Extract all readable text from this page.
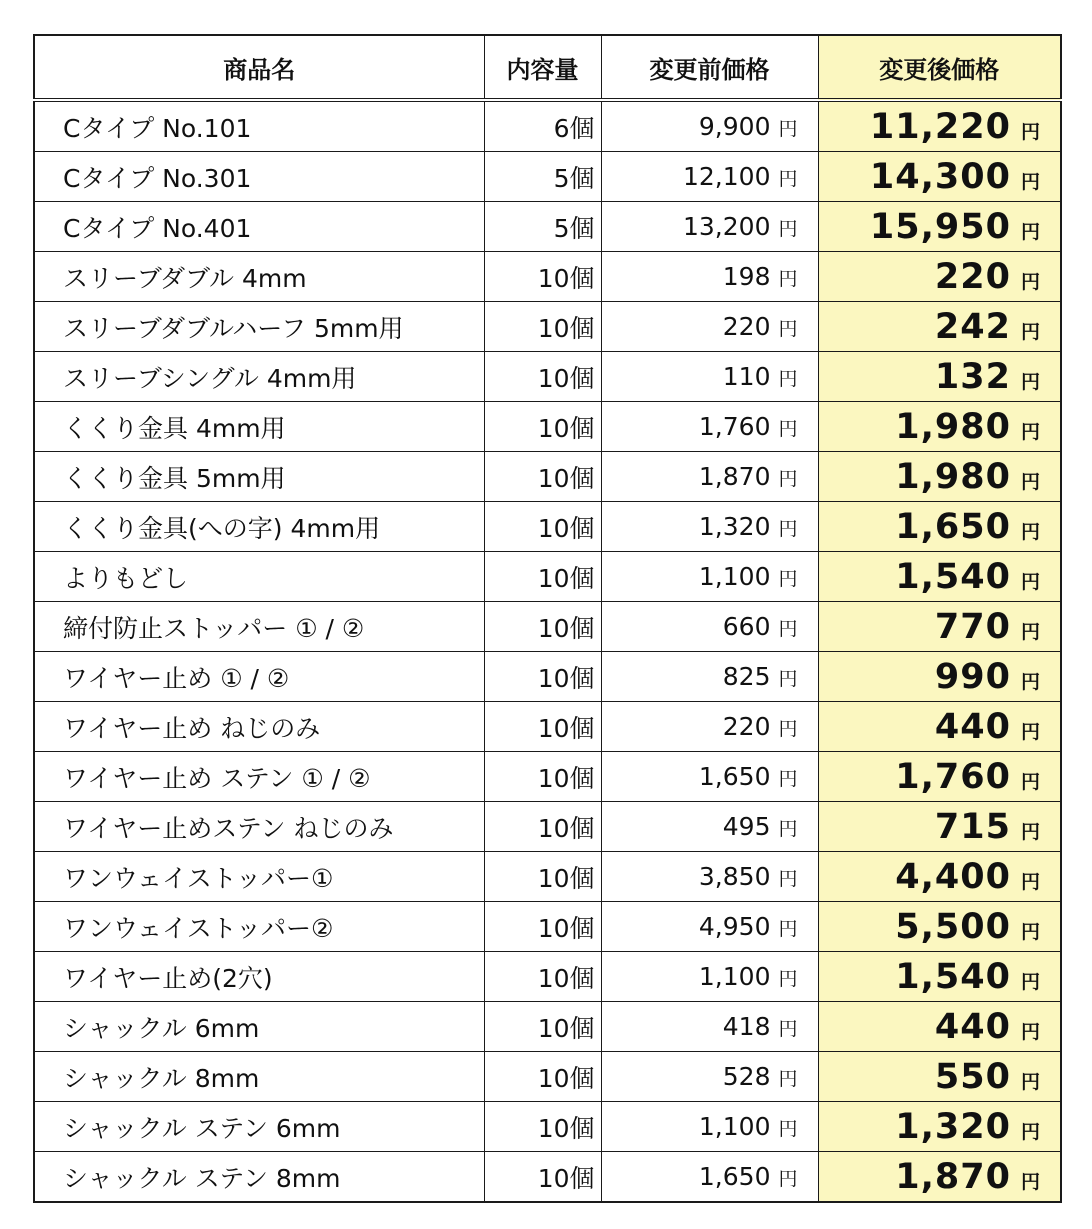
商品名	内容量	変更前価格	変更後価格
Cタイプ No.101	6個	9,900 円	11,220 円
Cタイプ No.301	5個	12,100 円	14,300 円
Cタイプ No.401	5個	13,200 円	15,950 円
スリーブダブル 4mm	10個	198 円	220 円
スリーブダブルハーフ 5mm用	10個	220 円	242 円
スリーブシングル 4mm用	10個	110 円	132 円
くくり金具 4mm用	10個	1,760 円	1,980 円
くくり金具 5mm用	10個	1,870 円	1,980 円
くくり金具(への字) 4mm用	10個	1,320 円	1,650 円
よりもどし	10個	1,100 円	1,540 円
締付防止ストッパー ① / ②	10個	660 円	770 円
ワイヤー止め ① / ②	10個	825 円	990 円
ワイヤー止め ねじのみ	10個	220 円	440 円
ワイヤー止め ステン ① / ②	10個	1,650 円	1,760 円
ワイヤー止めステン ねじのみ	10個	495 円	715 円
ワンウェイストッパー①	10個	3,850 円	4,400 円
ワンウェイストッパー②	10個	4,950 円	5,500 円
ワイヤー止め(2穴)	10個	1,100 円	1,540 円
シャックル 6mm	10個	418 円	440 円
シャックル 8mm	10個	528 円	550 円
シャックル ステン 6mm	10個	1,100 円	1,320 円
シャックル ステン 8mm	10個	1,650 円	1,870 円
